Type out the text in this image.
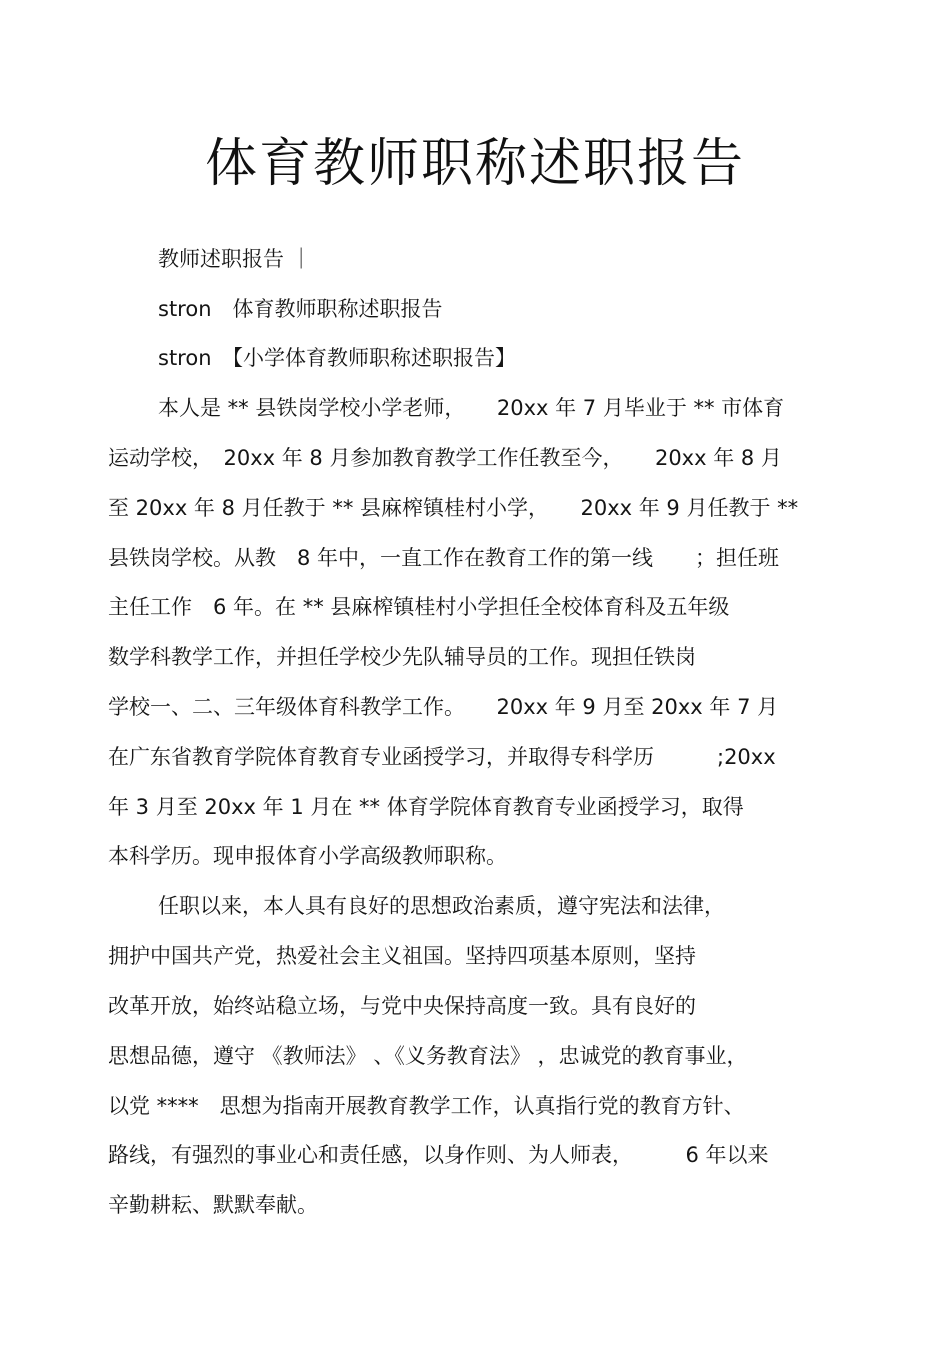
体育教师职称述职报告
教师述职报告 ｜
stron　体育教师职称述职报告
stron　【小学体育教师职称述职报告】
本人是 ** 县铁岗学校小学老师，　　20xx 年 7 月毕业于 ** 市体育
运动学校，　20xx 年 8 月参加教育教学工作任教至今，　　20xx 年 8 月
至 20xx 年 8 月任教于 ** 县麻榨镇桂村小学，　　20xx 年 9 月任教于 **
县铁岗学校。从教　8 年中，一直工作在教育工作的第一线　　；担任班
主任工作　6 年。在 ** 县麻榨镇桂村小学担任全校体育科及五年级
数学科教学工作，并担任学校少先队辅导员的工作。现担任铁岗
学校一、二、三年级体育科教学工作。　　20xx 年 9 月至 20xx 年 7 月
在广东省教育学院体育教育专业函授学习，并取得专科学历　　　;20xx
年 3 月至 20xx 年 1 月在 ** 体育学院体育教育专业函授学习，取得
本科学历。现申报体育小学高级教师职称。
任职以来，本人具有良好的思想政治素质，遵守宪法和法律，
拥护中国共产党，热爱社会主义祖国。坚持四项基本原则，坚持
改革开放，始终站稳立场，与党中央保持高度一致。具有良好的
思想品德，遵守 《教师法》 、《义务教育法》 ，忠诚党的教育事业，
以党 ****　思想为指南开展教育教学工作，认真指行党的教育方针、
路线，有强烈的事业心和责任感，以身作则、为人师表，　　　6 年以来
辛勤耕耘、默默奉献。
